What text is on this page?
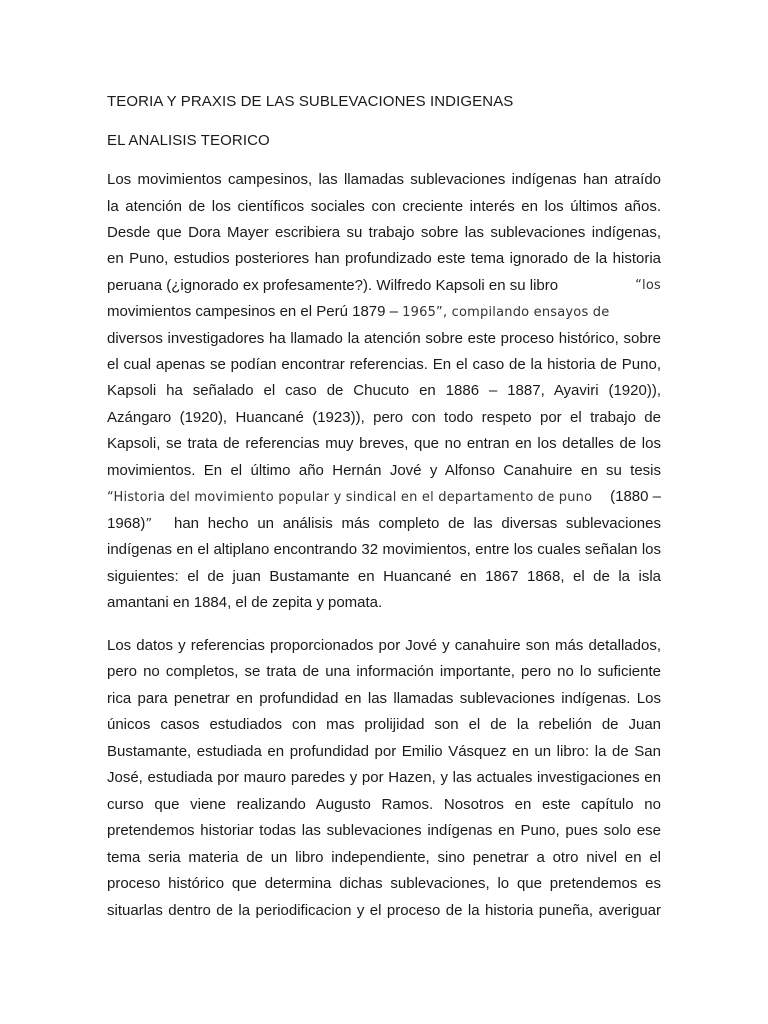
TEORIA Y PRAXIS DE LAS SUBLEVACIONES INDIGENAS
EL ANALISIS TEORICO
Los movimientos campesinos, las llamadas sublevaciones indígenas han atraído
la atención de los científicos sociales con creciente interés en los últimos años.
Desde que Dora Mayer escribiera su trabajo sobre las sublevaciones indígenas,
en Puno, estudios posteriores han profundizado este tema ignorado de la historia
peruana (¿ignorado ex profesamente?). Wilfredo Kapsoli en su libro	“los
movimientos campesinos en el Perú 1879 – 1965”, compilando ensayos de
diversos investigadores ha llamado la atención sobre este proceso histórico, sobre
el cual apenas se podían encontrar referencias. En el caso de la historia de Puno,
Kapsoli ha señalado el caso de Chucuto en 1886 – 1887, Ayaviri (1920)),
Azángaro (1920), Huancané (1923)), pero con todo respeto por el trabajo de
Kapsoli, se trata de referencias muy breves, que no entran en los detalles de los
movimientos. En el último año Hernán Jové y Alfonso Canahuire en su tesis
“Historia del movimiento popular y sindical en el departamento de puno (1880 –
1968)” han hecho un análisis más completo de las diversas sublevaciones
indígenas en el altiplano encontrando 32 movimientos, entre los cuales señalan los
siguientes: el de juan Bustamante en Huancané en 1867 1868, el de la isla
amantani en 1884, el de zepita y pomata.
Los datos y referencias proporcionados por Jové y canahuire son más detallados,
pero no completos, se trata de una información importante, pero no lo suficiente
rica para penetrar en profundidad en las llamadas sublevaciones indígenas. Los
únicos casos estudiados con mas prolijidad son el de la rebelión de Juan
Bustamante, estudiada en profundidad por Emilio Vásquez en un libro: la de San
José, estudiada por mauro paredes y por Hazen, y las actuales investigaciones en
curso que viene realizando Augusto Ramos. Nosotros en este capítulo no
pretendemos historiar todas las sublevaciones indígenas en Puno, pues solo ese
tema seria materia de un libro independiente, sino penetrar a otro nivel en el
proceso histórico que determina dichas sublevaciones, lo que pretendemos es
situarlas dentro de la periodificacion y el proceso de la historia puneña, averiguar
